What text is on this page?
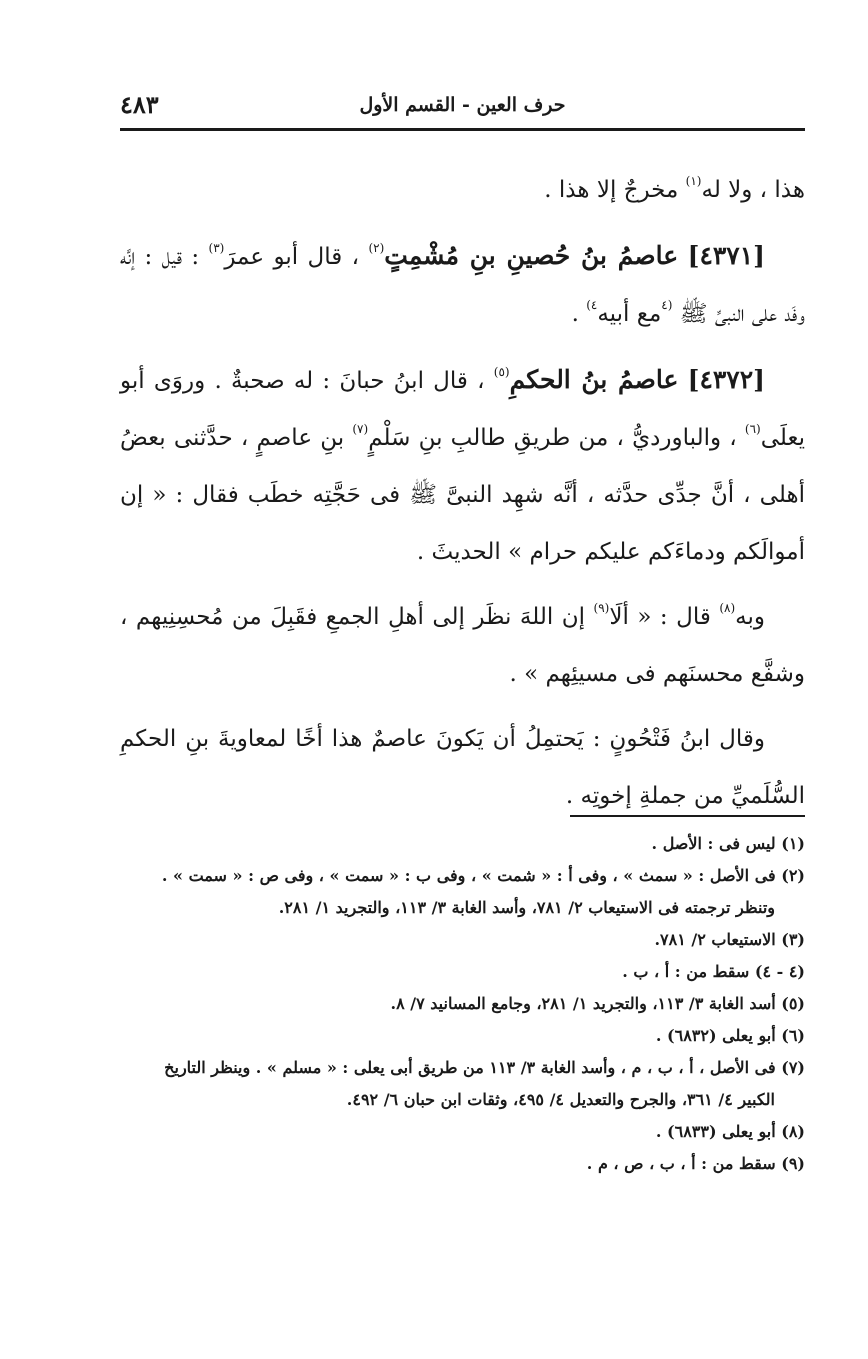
حرف العين - القسم الأول
٤٨٣

هذا ، ولا له$^{(١)}$ مخرجٌ إلا هذا .

[٤٣٧١] عاصمُ بنُ حُصينِ بنِ مُشْمِتٍ$^{(٢)}$ ، قال أبو عمرَ$^{(٣)}$ : قيل : إنَّه وفَد على النبىِّ ﷺ $^{(٤}$مع أبيه$^{٤)}$ .

[٤٣٧٢] عاصمُ بنُ الحكمِ$^{(٥)}$ ، قال ابنُ حبانَ : له صحبةٌ . وروَى أبو يعلَى$^{(٦)}$ ، والباورديُّ ، من طريقِ طالبِ بنِ سَلْمٍ$^{(٧)}$ بنِ عاصمٍ ، حدَّثنى بعضُ أهلى ، أنَّ جدِّى حدَّثه ، أنَّه شهِد النبىَّ ﷺ فى حَجَّتِه خطَب فقال : « إن أموالَكم ودماءَكم عليكم حرام » الحديثَ .

وبه$^{(٨)}$ قال : « ألَا$^{(٩)}$ إن اللهَ نظَر إلى أهلِ الجمعِ فقَبِلَ من مُحسِنِيهم ، وشفَّع محسنَهم فى مسيئِهم » .

وقال ابنُ فَتْحُونٍ : يَحتمِلُ أن يَكونَ عاصمٌ هذا أخًا لمعاويةَ بنِ الحكمِ السُّلَميِّ من جملةِ إخوتِه .

(١) ليس فى : الأصل .

(٢) فى الأصل : « سمث » ، وفى أ : « شمت » ، وفى ب : « سمت » ، وفى ص : « سمت » .

وتنظر ترجمته فى الاستيعاب ٢/ ٧٨١، وأسد الغابة ٣/ ١١٣، والتجريد ١/ ٢٨١.

(٣) الاستيعاب ٢/ ٧٨١.

(٤ - ٤) سقط من : أ ، ب .

(٥) أسد الغابة ٣/ ١١٣، والتجريد ١/ ٢٨١، وجامع المسانيد ٧/ ٨.

(٦) أبو يعلى (٦٨٣٢) .

(٧) فى الأصل ، أ ، ب ، م ، وأسد الغابة ٣/ ١١٣ من طريق أبى يعلى : « مسلم » . وينظر التاريخ

الكبير ٤/ ٣٦١، والجرح والتعديل ٤/ ٤٩٥، وثقات ابن حبان ٦/ ٤٩٢.

(٨) أبو يعلى (٦٨٣٣) .

(٩) سقط من : أ ، ب ، ص ، م .
